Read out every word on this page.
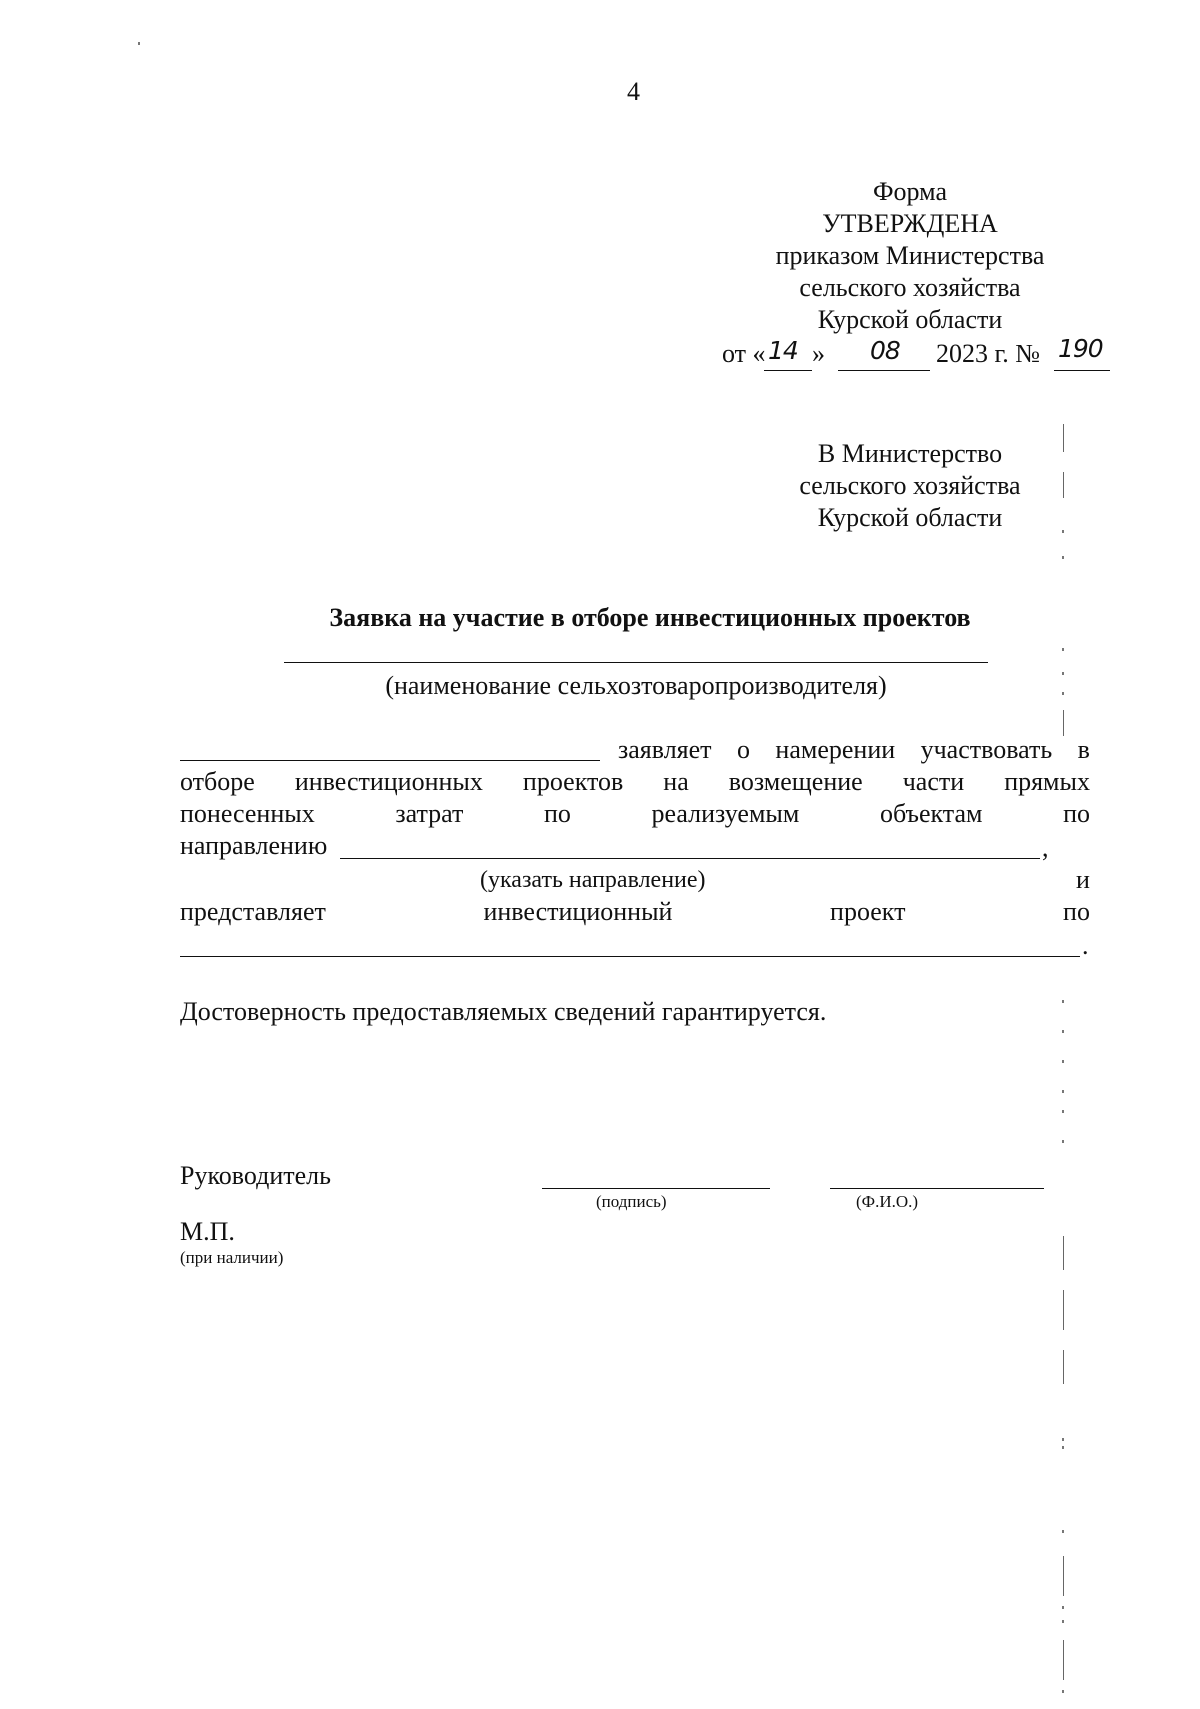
4
Форма
УТВЕРЖДЕНА
приказом Министерства
сельского хозяйства
Курской области
от « 14 » 08 2023 г. № 190
В Министерство
сельского хозяйства
Курской области
Заявка на участие в отборе инвестиционных проектов
(наименование сельхозтоваропроизводителя)
заявляет о намерении участвовать в
отборе инвестиционных проектов на возмещение части прямых
понесенных	затрат	по	реализуемым	объектам	по
направлению	,
(указать направление)	и
представляет	инвестиционный	проект	по
.
Достоверность предоставляемых сведений гарантируется.
Руководитель
(подпись)	(Ф.И.О.)
М.П.
(при наличии)
